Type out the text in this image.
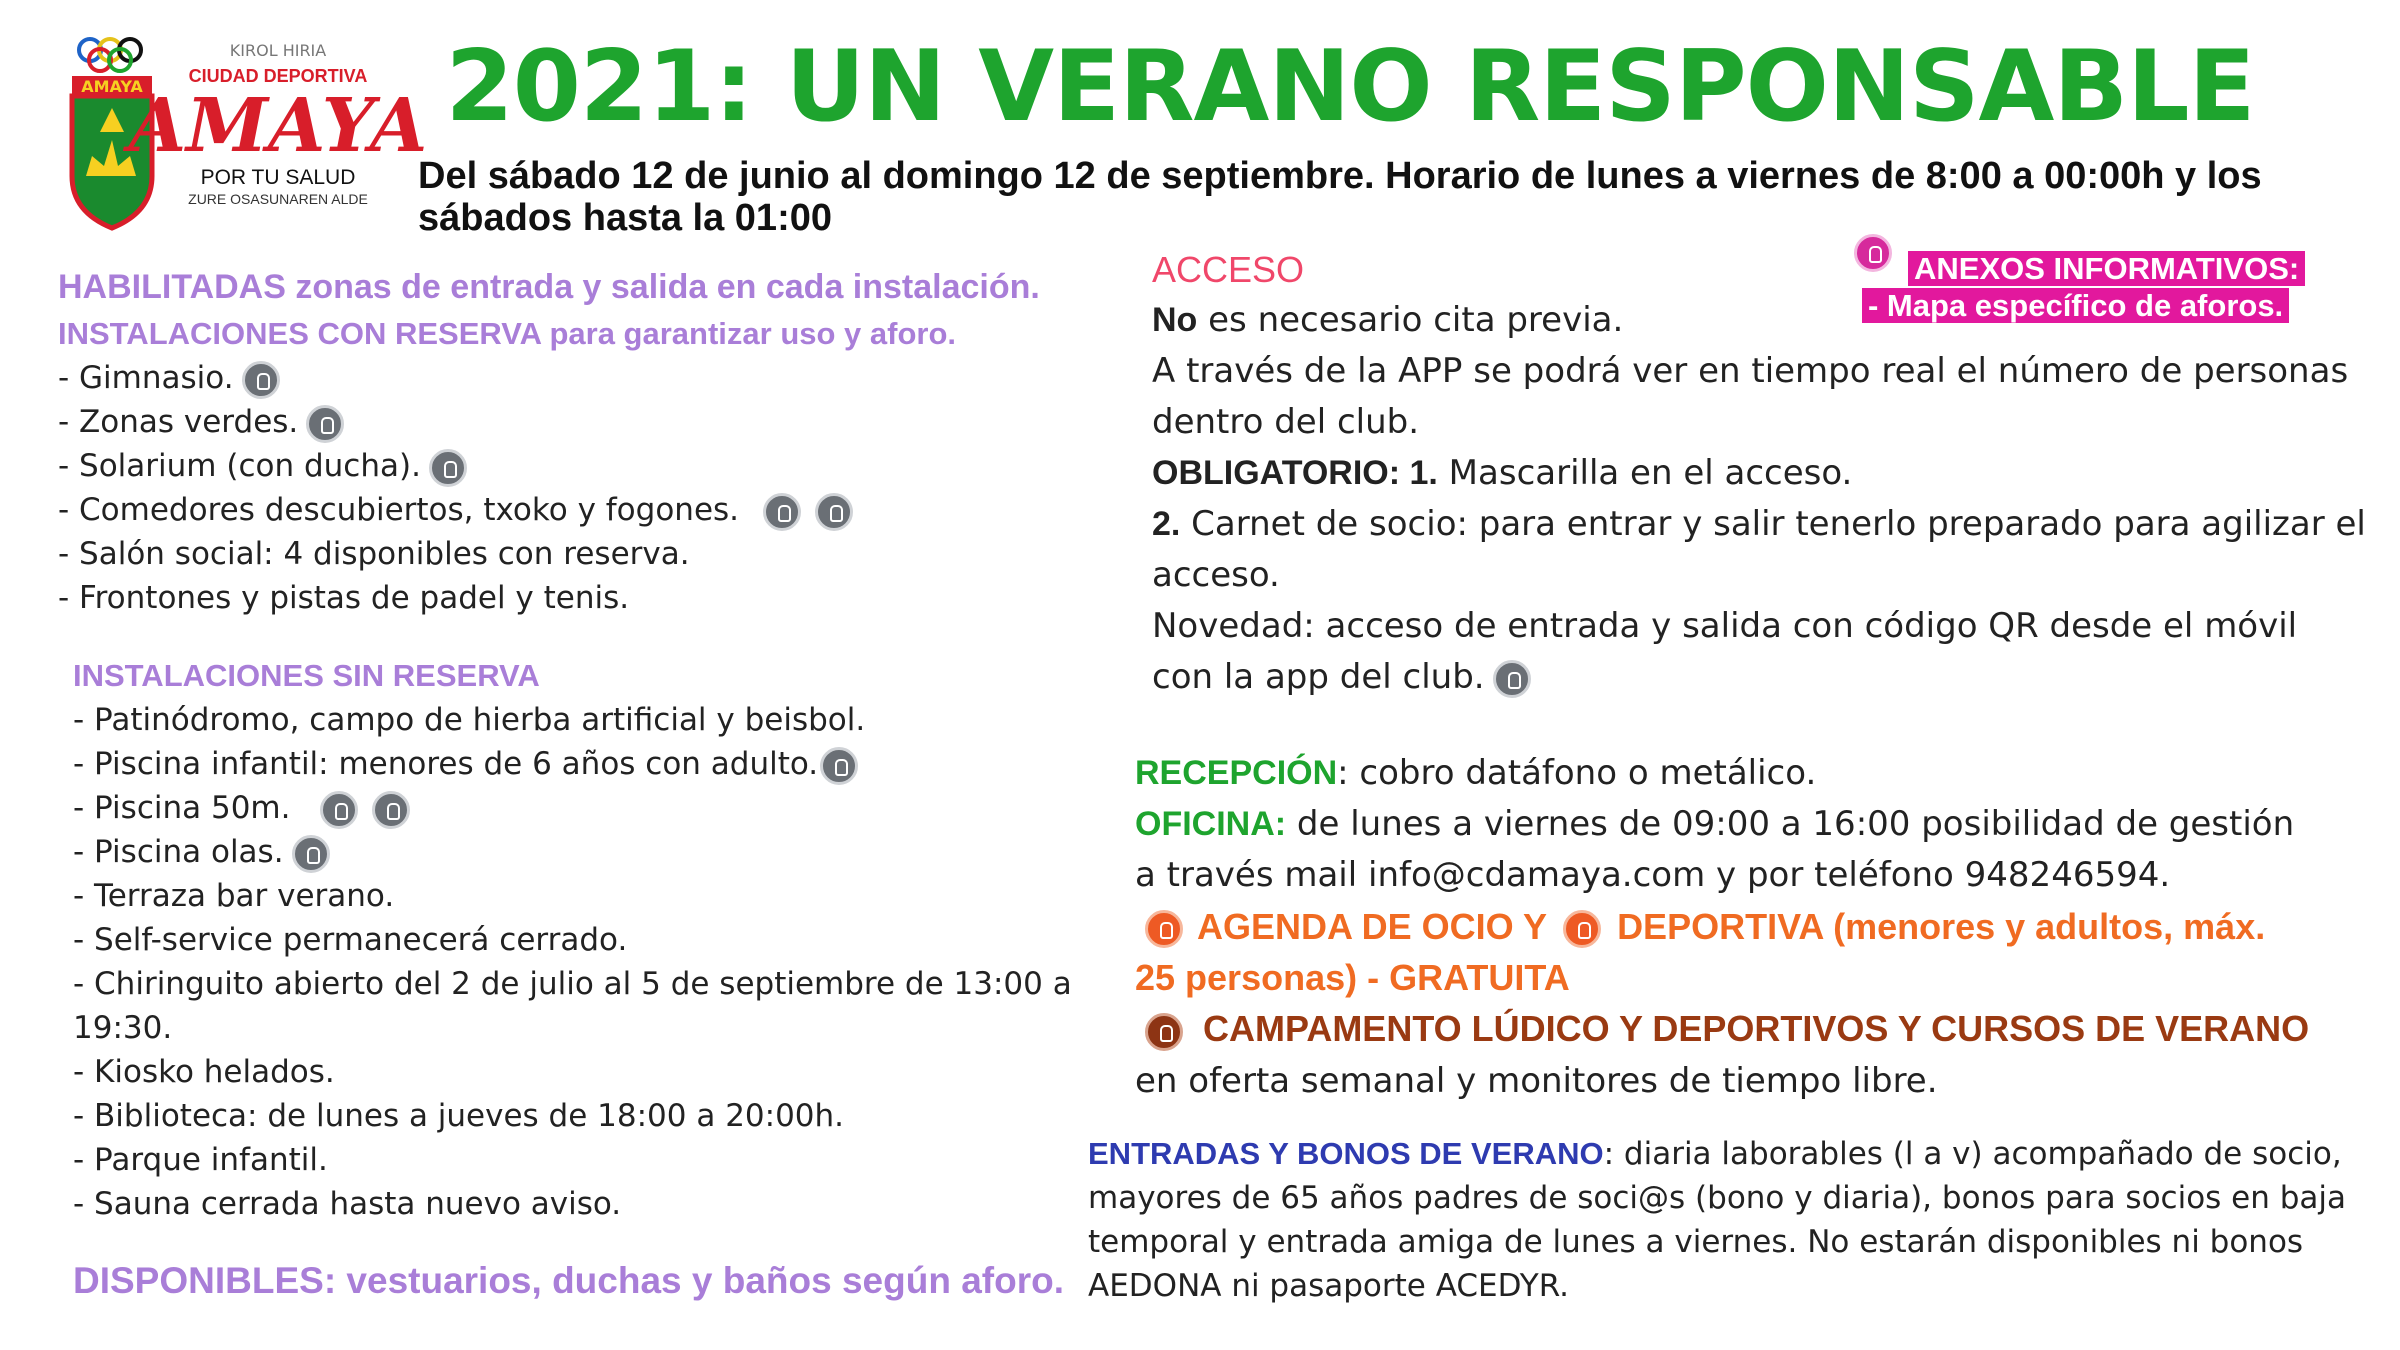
AMAYA
KIROL HIRIA
CIUDAD DEPORTIVA
AMAYA
POR TU SALUD
ZURE OSASUNAREN ALDE
2021: UN VERANO RESPONSABLE
Del sábado 12 de junio al domingo 12 de septiembre. Horario de lunes a viernes de 8:00 a 00:00h y los sábados hasta la 01:00

HABILITADAS zonas de entrada y salida en cada instalación.

INSTALACIONES CON RESERVA para garantizar uso y aforo.

- Gimnasio.

- Zonas verdes.

- Solarium (con ducha).

- Comedores descubiertos, txoko y fogones.

- Salón social: 4 disponibles con reserva.

- Frontones y pistas de padel y tenis.

INSTALACIONES SIN RESERVA

- Patinódromo, campo de hierba artificial y beisbol.

- Piscina infantil: menores de 6 años con adulto.

- Piscina 50m.

- Piscina olas.

- Terraza bar verano.

- Self-service permanecerá cerrado.

- Chiringuito abierto del 2 de julio al 5 de septiembre de 13:00 a

19:30.

- Kiosko helados.

- Biblioteca: de lunes a jueves de 18:00 a 20:00h.

- Parque infantil.

- Sauna cerrada hasta nuevo aviso.

DISPONIBLES: vestuarios, duchas y baños según aforo.
ANEXOS INFORMATIVOS:
- Mapa específico de aforos.

ACCESO

No es necesario cita previa.

A través de la APP se podrá ver en tiempo real el número de personas dentro del club.

OBLIGATORIO: 1. Mascarilla en el acceso.

2. Carnet de socio: para entrar y salir tenerlo preparado para agilizar el acceso.

Novedad: acceso de entrada y salida con código QR desde el móvil con la app del club.

RECEPCIÓN: cobro datáfono o metálico.

OFICINA: de lunes a viernes de 09:00 a 16:00 posibilidad de gestión a través mail info@cdamaya.com y por teléfono 948246594.

AGENDA DE OCIO Y DEPORTIVA (menores y adultos, máx. 25 personas) - GRATUITA

CAMPAMENTO LÚDICO Y DEPORTIVOS Y CURSOS DE VERANO en oferta semanal y monitores de tiempo libre.

ENTRADAS Y BONOS DE VERANO: diaria laborables (l a v) acompañado de socio, mayores de 65 años padres de soci@s (bono y diaria), bonos para socios en baja temporal y entrada amiga de lunes a viernes. No estarán disponibles ni bonos AEDONA ni pasaporte ACEDYR.
